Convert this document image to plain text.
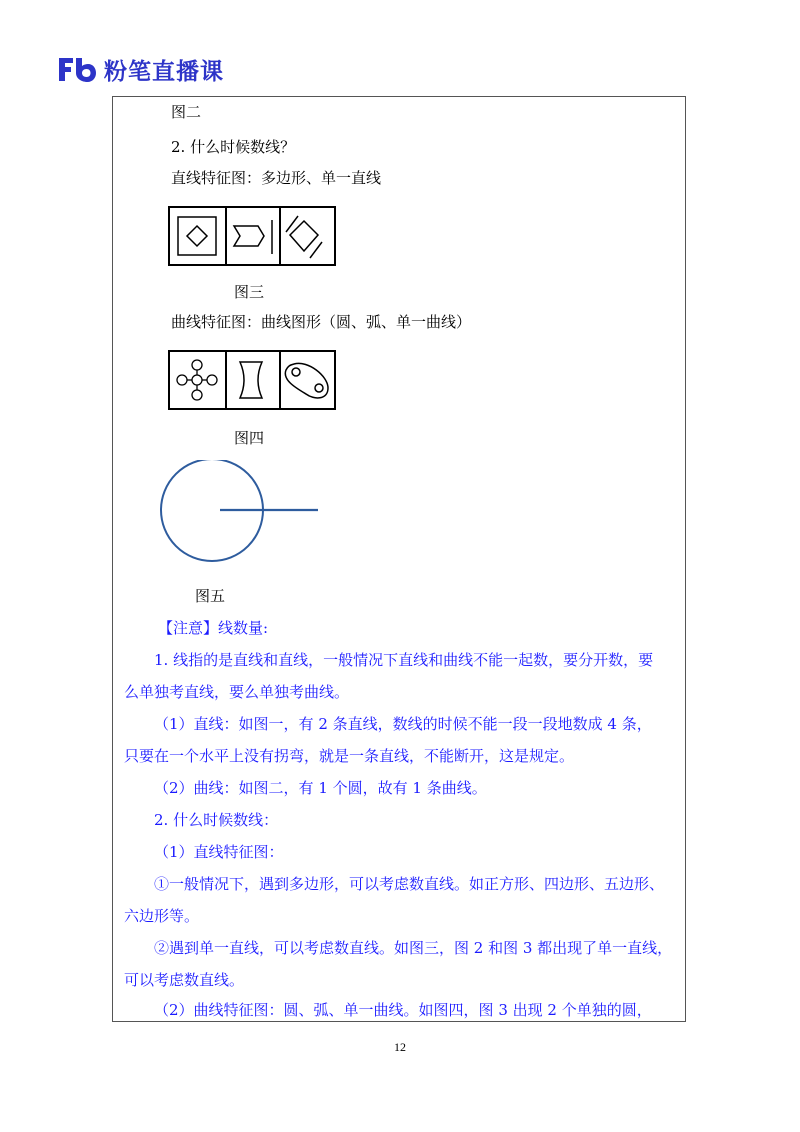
粉笔直播课
图二
2. 什么时候数线？
直线特征图：多边形、单一直线
图三
曲线特征图：曲线图形（圆、弧、单一曲线）
图四
图五
【注意】线数量:
1. 线指的是直线和直线，一般情况下直线和曲线不能一起数，要分开数，要
么单独考直线，要么单独考曲线。
（1）直线：如图一，有 2 条直线，数线的时候不能一段一段地数成 4 条，
只要在一个水平上没有拐弯，就是一条直线，不能断开，这是规定。
（2）曲线：如图二，有 1 个圆，故有 1 条曲线。
2. 什么时候数线：
（1）直线特征图：
①一般情况下，遇到多边形，可以考虑数直线。如正方形、四边形、五边形、
六边形等。
②遇到单一直线，可以考虑数直线。如图三，图 2 和图 3 都出现了单一直线，
可以考虑数直线。
（2）曲线特征图：圆、弧、单一曲线。如图四，图 3 出现 2 个单独的圆，
12
